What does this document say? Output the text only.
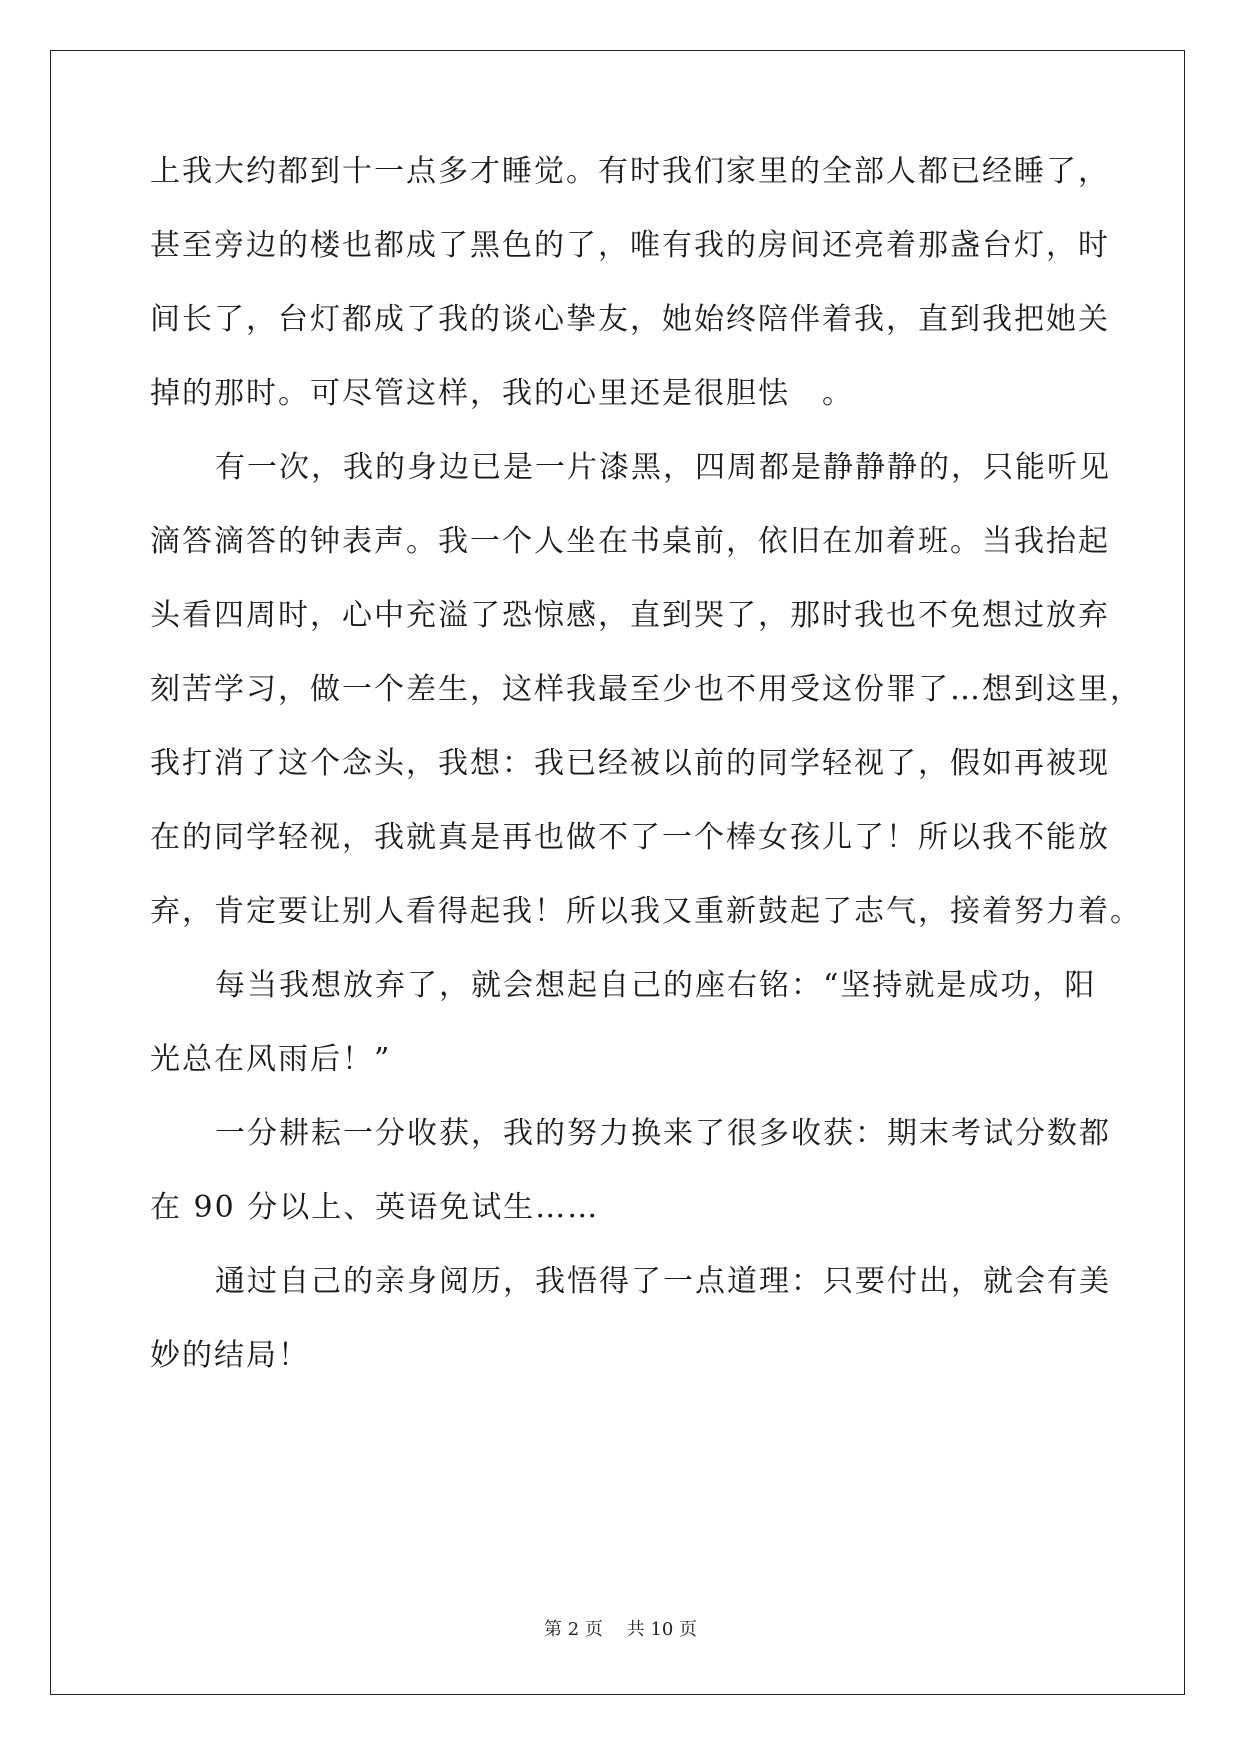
上我大约都到十一点多才睡觉。有时我们家里的全部人都已经睡了，

甚至旁边的楼也都成了黑色的了，唯有我的房间还亮着那盏台灯，时

间长了，台灯都成了我的谈心挚友，她始终陪伴着我，直到我把她关

掉的那时。可尽管这样，我的心里还是很胆怯　。

有一次，我的身边已是一片漆黑，四周都是静静静的，只能听见

滴答滴答的钟表声。我一个人坐在书桌前，依旧在加着班。当我抬起

头看四周时，心中充溢了恐惊感，直到哭了，那时我也不免想过放弃

刻苦学习，做一个差生，这样我最至少也不用受这份罪了…想到这里，

我打消了这个念头，我想：我已经被以前的同学轻视了，假如再被现

在的同学轻视，我就真是再也做不了一个棒女孩儿了！所以我不能放

弃，肯定要让别人看得起我！所以我又重新鼓起了志气，接着努力着。

每当我想放弃了，就会想起自己的座右铭：“坚持就是成功，阳

光总在风雨后！”

一分耕耘一分收获，我的努力换来了很多收获：期末考试分数都

在 90 分以上、英语免试生……

通过自己的亲身阅历，我悟得了一点道理：只要付出，就会有美

妙的结局！

第 2 页 共 10 页
